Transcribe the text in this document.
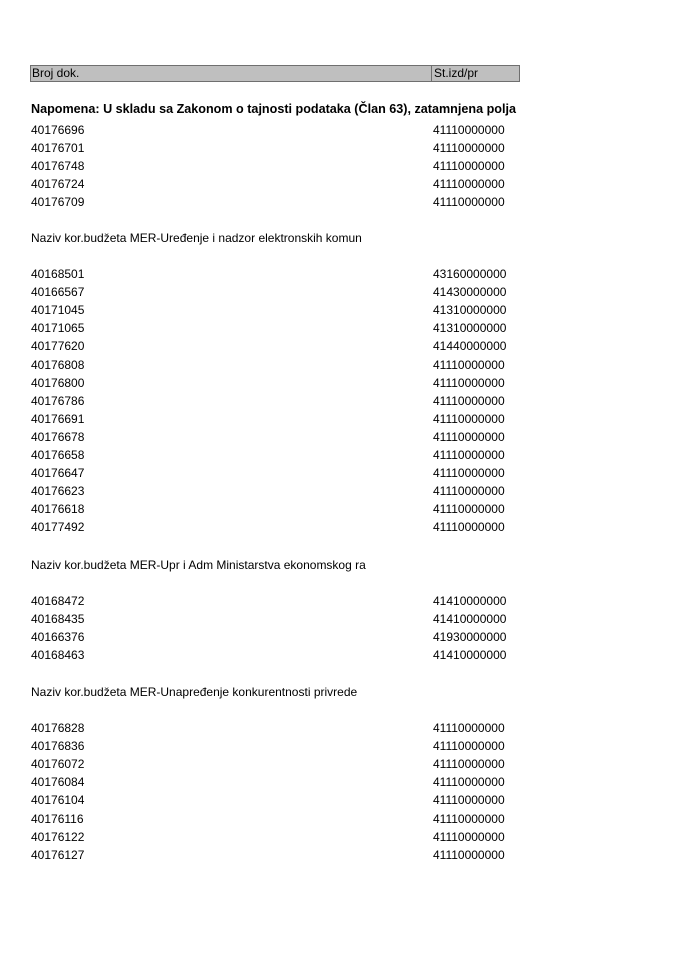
Broj dok.	St.izd/pr
Napomena: U skladu sa Zakonom o tajnosti podataka (Član 63), zatamnjena polja
40176696	41110000000
40176701	41110000000
40176748	41110000000
40176724	41110000000
40176709	41110000000
Naziv kor.budžeta MER-Uređenje i nadzor elektronskih komun
40168501	43160000000
40166567	41430000000
40171045	41310000000
40171065	41310000000
40177620	41440000000
40176808	41110000000
40176800	41110000000
40176786	41110000000
40176691	41110000000
40176678	41110000000
40176658	41110000000
40176647	41110000000
40176623	41110000000
40176618	41110000000
40177492	41110000000
Naziv kor.budžeta MER-Upr i Adm Ministarstva ekonomskog ra
40168472	41410000000
40168435	41410000000
40166376	41930000000
40168463	41410000000
Naziv kor.budžeta MER-Unapređenje konkurentnosti privrede
40176828	41110000000
40176836	41110000000
40176072	41110000000
40176084	41110000000
40176104	41110000000
40176116	41110000000
40176122	41110000000
40176127	41110000000
